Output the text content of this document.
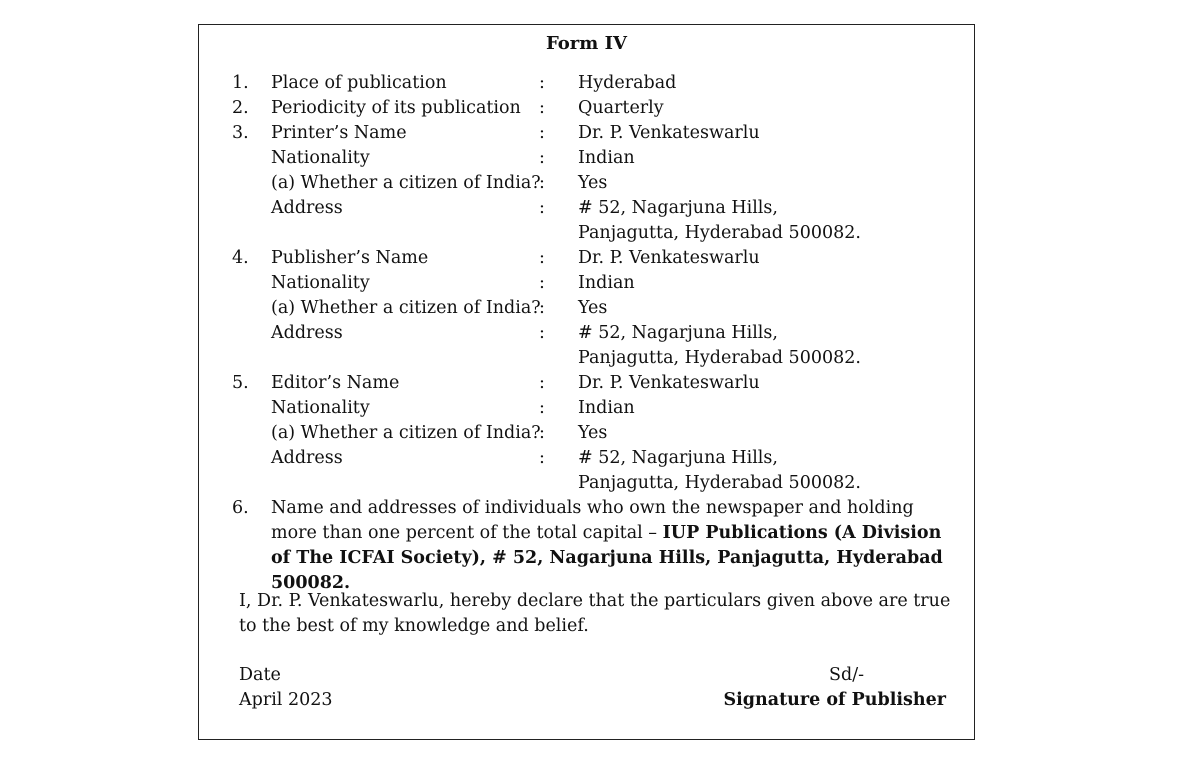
Form IV
1. Place of publication	: Hyderabad
2. Periodicity of its publication : Quarterly
3. Printer’s Name	: Dr. P. Venkateswarlu
Nationality	: Indian
(a) Whether a citizen of India?
: Yes
Address	: # 52, Nagarjuna Hills,
Panjagutta, Hyderabad 500082.
4. Publisher’s Name	: Dr. P. Venkateswarlu
Nationality	: Indian
(a) Whether a citizen of India?
: Yes
Address	: # 52, Nagarjuna Hills,
Panjagutta, Hyderabad 500082.
5. Editor’s Name	: Dr. P. Venkateswarlu
Nationality	: Indian
(a) Whether a citizen of India?
: Yes
Address	: # 52, Nagarjuna Hills,
Panjagutta, Hyderabad 500082.
6. Name and addresses of individuals who own the newspaper and holding more than one percent of the total capital – IUP Publications (A Division of The ICFAI Society), # 52, Nagarjuna Hills, Panjagutta, Hyderabad 500082.
I, Dr. P. Venkateswarlu, hereby declare that the particulars given above are true to the best of my knowledge and belief.
Date
April 2023
Sd/-
Signature of Publisher
